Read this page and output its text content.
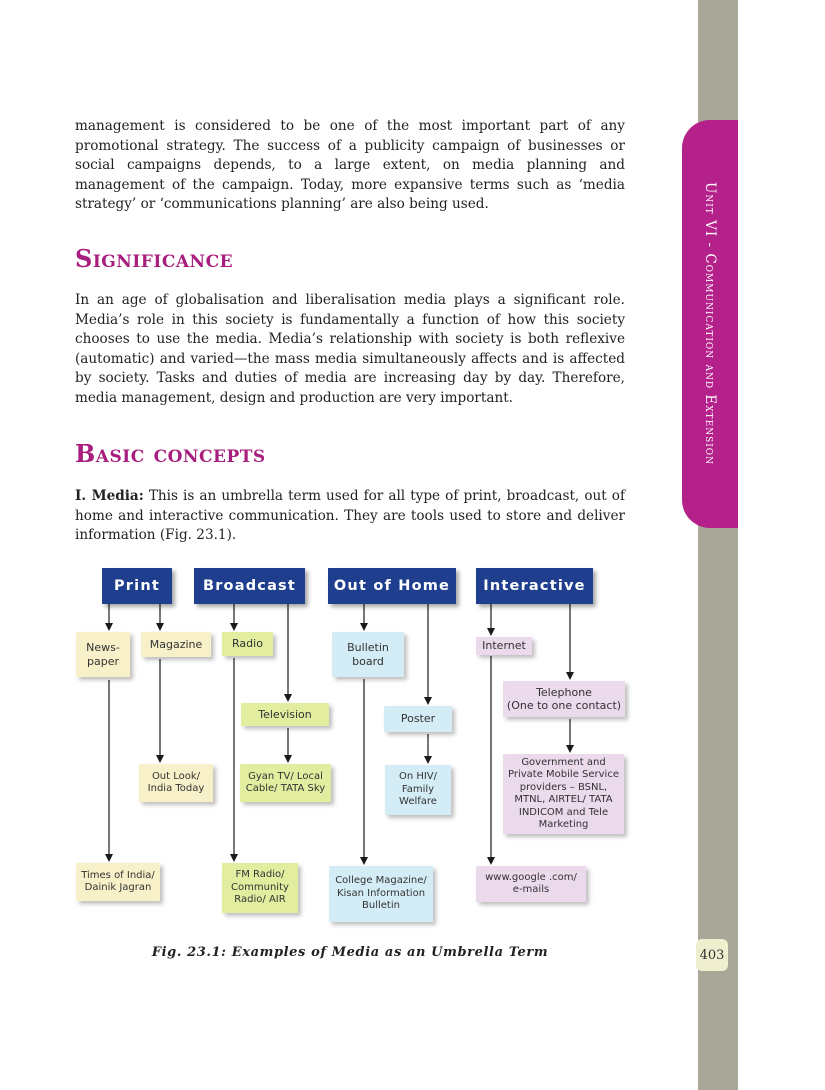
Unit VI - Communication and Extension
403

management is considered to be one of the most important part of any promotional strategy. The success of a publicity campaign of businesses or social campaigns depends, to a large extent, on media planning and management of the campaign. Today, more expansive terms such as ‘media strategy’ or ‘communications planning’ are also being used.

Significance

In an age of globalisation and liberalisation media plays a significant role. Media’s role in this society is fundamentally a function of how this society chooses to use the media. Media’s relationship with society is both reflexive (automatic) and varied—the mass media simultaneously affects and is affected by society. Tasks and duties of media are increasing day by day. Therefore, media management, design and production are very important.

Basic concepts

I. Media: This is an umbrella term used for all type of print, broadcast, out of home and interactive communication. They are tools used to store and deliver information (Fig. 23.1).

Print	Broadcast	Out of Home	Interactive
News-
paper
Magazine
Out Look/
India Today
Times of India/
Dainik Jagran
Radio
Television
Gyan TV/ Local
Cable/ TATA Sky
FM Radio/
Community
Radio/ AIR
Bulletin
board
Poster
On HIV/
Family
Welfare
College Magazine/
Kisan Information
Bulletin
Internet
Telephone
(One to one contact)
Government and
Private Mobile Service
providers – BSNL,
MTNL, AIRTEL/ TATA
INDICOM and Tele
Marketing
www.google .com/
e-mails
Fig. 23.1: Examples of Media as an Umbrella Term
